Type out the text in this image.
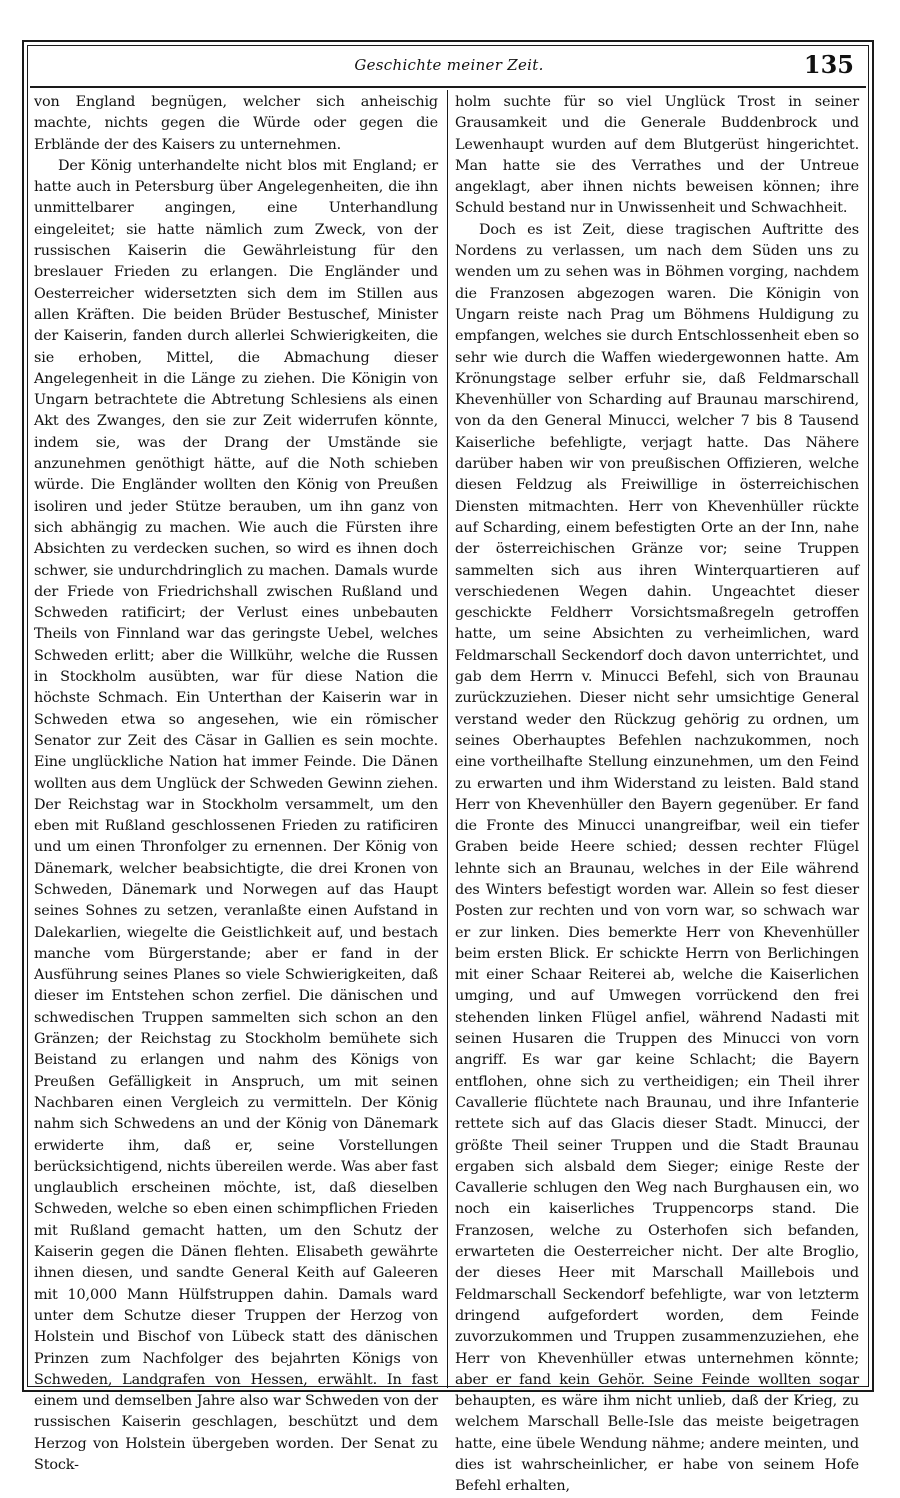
Geschichte meiner Zeit.	135

von England begnügen, welcher sich anheischig machte, nichts gegen die Würde oder gegen die Erblände der des Kaisers zu unternehmen.

Der König unterhandelte nicht blos mit England; er hatte auch in Petersburg über Angelegenheiten, die ihn unmittelbarer angingen, eine Unterhandlung eingeleitet; sie hatte nämlich zum Zweck, von der russischen Kaiserin die Gewährleistung für den breslauer Frieden zu erlangen. Die Engländer und Oesterreicher widersetzten sich dem im Stillen aus allen Kräften. Die beiden Brüder Bestuschef, Minister der Kaiserin, fanden durch allerlei Schwierigkeiten, die sie erhoben, Mittel, die Abmachung dieser Angelegenheit in die Länge zu ziehen. Die Königin von Ungarn betrachtete die Abtretung Schlesiens als einen Akt des Zwanges, den sie zur Zeit widerrufen könnte, indem sie, was der Drang der Umstände sie anzunehmen genöthigt hätte, auf die Noth schieben würde. Die Engländer wollten den König von Preußen isoliren und jeder Stütze berauben, um ihn ganz von sich abhängig zu machen. Wie auch die Fürsten ihre Absichten zu verdecken suchen, so wird es ihnen doch schwer, sie undurchdringlich zu machen. Damals wurde der Friede von Friedrichshall zwischen Rußland und Schweden ratificirt; der Verlust eines unbebauten Theils von Finnland war das geringste Uebel, welches Schweden erlitt; aber die Willkühr, welche die Russen in Stockholm ausübten, war für diese Nation die höchste Schmach. Ein Unterthan der Kaiserin war in Schweden etwa so angesehen, wie ein römischer Senator zur Zeit des Cäsar in Gallien es sein mochte. Eine unglückliche Nation hat immer Feinde. Die Dänen wollten aus dem Unglück der Schweden Gewinn ziehen. Der Reichstag war in Stockholm versammelt, um den eben mit Rußland geschlossenen Frieden zu ratificiren und um einen Thronfolger zu ernennen. Der König von Dänemark, welcher beabsichtigte, die drei Kronen von Schweden, Dänemark und Norwegen auf das Haupt seines Sohnes zu setzen, veranlaßte einen Aufstand in Dalekarlien, wiegelte die Geistlichkeit auf, und bestach manche vom Bürgerstande; aber er fand in der Ausführung seines Planes so viele Schwierigkeiten, daß dieser im Entstehen schon zerfiel. Die dänischen und schwedischen Truppen sammelten sich schon an den Gränzen; der Reichstag zu Stockholm bemühete sich Beistand zu erlangen und nahm des Königs von Preußen Gefälligkeit in Anspruch, um mit seinen Nachbaren einen Vergleich zu vermitteln. Der König nahm sich Schwedens an und der König von Dänemark erwiderte ihm, daß er, seine Vorstellungen berücksichtigend, nichts übereilen werde. Was aber fast unglaublich erscheinen möchte, ist, daß dieselben Schweden, welche so eben einen schimpflichen Frieden mit Rußland gemacht hatten, um den Schutz der Kaiserin gegen die Dänen flehten. Elisabeth gewährte ihnen diesen, und sandte General Keith auf Galeeren mit 10,000 Mann Hülfstruppen dahin. Damals ward unter dem Schutze dieser Truppen der Herzog von Holstein und Bischof von Lübeck statt des dänischen Prinzen zum Nachfolger des bejahrten Königs von Schweden, Landgrafen von Hessen, erwählt. In fast einem und demselben Jahre also war Schweden von der russischen Kaiserin geschlagen, beschützt und dem Herzog von Holstein übergeben worden. Der Senat zu Stock-

holm suchte für so viel Unglück Trost in seiner Grausamkeit und die Generale Buddenbrock und Lewenhaupt wurden auf dem Blutgerüst hingerichtet. Man hatte sie des Verrathes und der Untreue angeklagt, aber ihnen nichts beweisen können; ihre Schuld bestand nur in Unwissenheit und Schwachheit.

Doch es ist Zeit, diese tragischen Auftritte des Nordens zu verlassen, um nach dem Süden uns zu wenden um zu sehen was in Böhmen vorging, nachdem die Franzosen abgezogen waren. Die Königin von Ungarn reiste nach Prag um Böhmens Huldigung zu empfangen, welches sie durch Entschlossenheit eben so sehr wie durch die Waffen wiedergewonnen hatte. Am Krönungstage selber erfuhr sie, daß Feldmarschall Khevenhüller von Scharding auf Braunau marschirend, von da den General Minucci, welcher 7 bis 8 Tausend Kaiserliche befehligte, verjagt hatte. Das Nähere darüber haben wir von preußischen Offizieren, welche diesen Feldzug als Freiwillige in österreichischen Diensten mitmachten. Herr von Khevenhüller rückte auf Scharding, einem befestigten Orte an der Inn, nahe der österreichischen Gränze vor; seine Truppen sammelten sich aus ihren Winterquartieren auf verschiedenen Wegen dahin. Ungeachtet dieser geschickte Feldherr Vorsichtsmaßregeln getroffen hatte, um seine Absichten zu verheimlichen, ward Feldmarschall Seckendorf doch davon unterrichtet, und gab dem Herrn v. Minucci Befehl, sich von Braunau zurückzuziehen. Dieser nicht sehr umsichtige General verstand weder den Rückzug gehörig zu ordnen, um seines Oberhauptes Befehlen nachzukommen, noch eine vortheilhafte Stellung einzunehmen, um den Feind zu erwarten und ihm Widerstand zu leisten. Bald stand Herr von Khevenhüller den Bayern gegenüber. Er fand die Fronte des Minucci unangreifbar, weil ein tiefer Graben beide Heere schied; dessen rechter Flügel lehnte sich an Braunau, welches in der Eile während des Winters befestigt worden war. Allein so fest dieser Posten zur rechten und von vorn war, so schwach war er zur linken. Dies bemerkte Herr von Khevenhüller beim ersten Blick. Er schickte Herrn von Berlichingen mit einer Schaar Reiterei ab, welche die Kaiserlichen umging, und auf Umwegen vorrückend den frei stehenden linken Flügel anfiel, während Nadasti mit seinen Husaren die Truppen des Minucci von vorn angriff. Es war gar keine Schlacht; die Bayern entflohen, ohne sich zu vertheidigen; ein Theil ihrer Cavallerie flüchtete nach Braunau, und ihre Infanterie rettete sich auf das Glacis dieser Stadt. Minucci, der größte Theil seiner Truppen und die Stadt Braunau ergaben sich alsbald dem Sieger; einige Reste der Cavallerie schlugen den Weg nach Burghausen ein, wo noch ein kaiserliches Truppencorps stand. Die Franzosen, welche zu Osterhofen sich befanden, erwarteten die Oesterreicher nicht. Der alte Broglio, der dieses Heer mit Marschall Maillebois und Feldmarschall Seckendorf befehligte, war von letzterm dringend aufgefordert worden, dem Feinde zuvorzukommen und Truppen zusammenzuziehen, ehe Herr von Khevenhüller etwas unternehmen könnte; aber er fand kein Gehör. Seine Feinde wollten sogar behaupten, es wäre ihm nicht unlieb, daß der Krieg, zu welchem Marschall Belle-Isle das meiste beigetragen hatte, eine übele Wendung nähme; andere meinten, und dies ist wahrscheinlicher, er habe von seinem Hofe Befehl erhalten,
